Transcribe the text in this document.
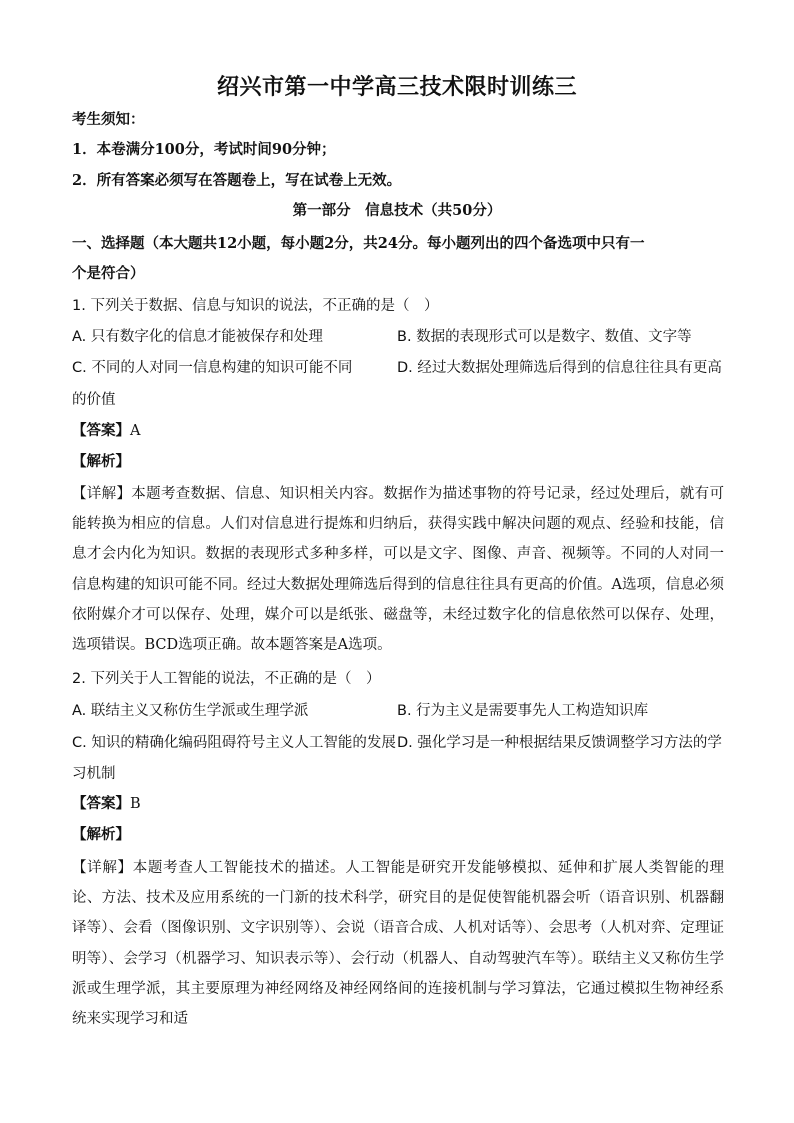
绍兴市第一中学高三技术限时训练三
考生须知：
1．本卷满分100分，考试时间90分钟；
2．所有答案必须写在答题卷上，写在试卷上无效。
第一部分　信息技术（共50分）
一、选择题（本大题共12小题，每小题2分，共24分。每小题列出的四个备选项中只有一
个是符合）
1. 下列关于数据、信息与知识的说法，不正确的是（　）
A. 只有数字化的信息才能被保存和处理	B. 数据的表现形式可以是数字、数值、文字等
C. 不同的人对同一信息构建的知识可能不同	D. 经过大数据处理筛选后得到的信息往往具有更高
的价值
【答案】A
【解析】
【详解】本题考查数据、信息、知识相关内容。数据作为描述事物的符号记录，经过处理后，就有可能转换为相应的信息。人们对信息进行提炼和归纳后，获得实践中解决问题的观点、经验和技能，信息才会内化为知识。数据的表现形式多种多样，可以是文字、图像、声音、视频等。不同的人对同一信息构建的知识可能不同。经过大数据处理筛选后得到的信息往往具有更高的价值。A选项，信息必须依附媒介才可以保存、处理，媒介可以是纸张、磁盘等，未经过数字化的信息依然可以保存、处理，选项错误。BCD选项正确。故本题答案是A选项。
2. 下列关于人工智能的说法，不正确的是（　）
A. 联结主义又称仿生学派或生理学派	B. 行为主义是需要事先人工构造知识库
C. 知识的精确化编码阻碍符号主义人工智能的发展 D. 强化学习是一种根据结果反馈调整学习方法的学
习机制
【答案】B
【解析】
【详解】本题考查人工智能技术的描述。人工智能是研究开发能够模拟、延伸和扩展人类智能的理论、方法、技术及应用系统的一门新的技术科学，研究目的是促使智能机器会听（语音识别、机器翻译等）、会看（图像识别、文字识别等）、会说（语音合成、人机对话等）、会思考（人机对弈、定理证明等）、会学习（机器学习、知识表示等）、会行动（机器人、自动驾驶汽车等）。联结主义又称仿生学派或生理学派，其主要原理为神经网络及神经网络间的连接机制与学习算法，它通过模拟生物神经系统来实现学习和适
